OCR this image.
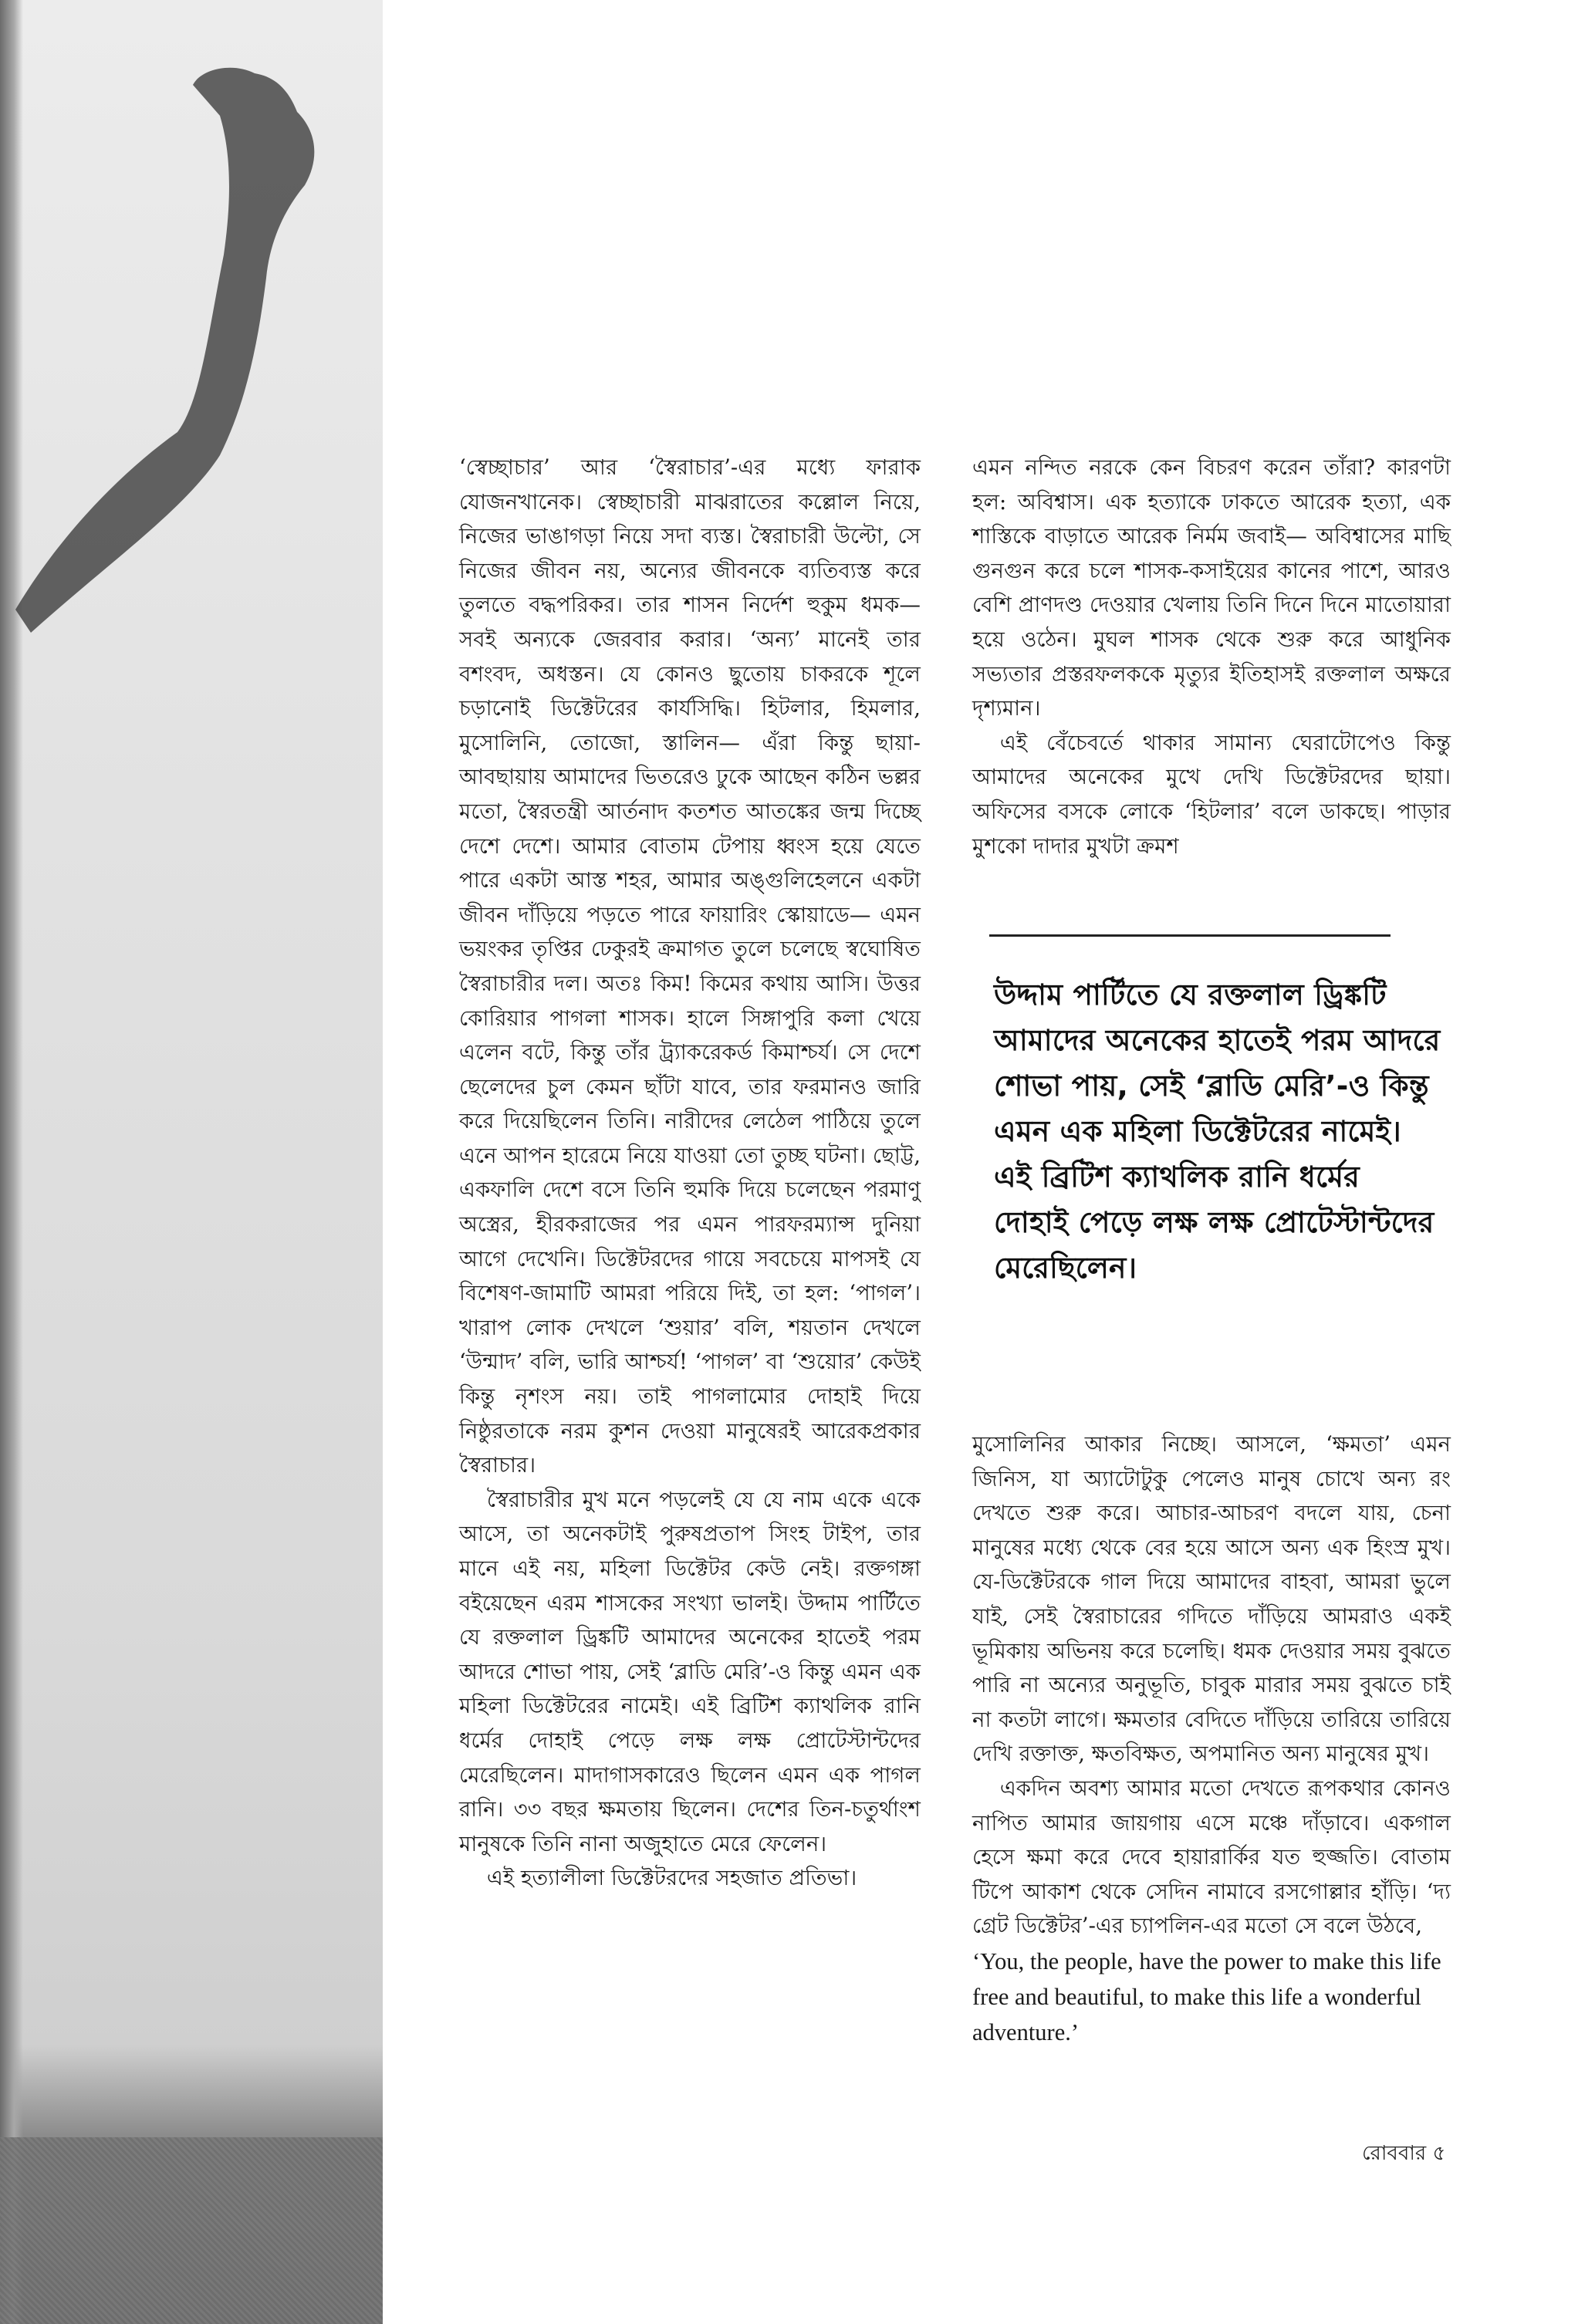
‘স্বেচ্ছাচার’ আর ‘স্বৈরাচার’-এর মধ্যে ফারাক যোজনখানেক। স্বেচ্ছাচারী মাঝরাতের কল্লোল নিয়ে, নিজের ভাঙাগড়া নিয়ে সদা ব্যস্ত। স্বৈরাচারী উল্টো, সে নিজের জীবন নয়, অন্যের জীবনকে ব্যতিব্যস্ত করে তুলতে বদ্ধপরিকর। তার শাসন নির্দেশ হুকুম ধমক— সবই অন্যকে জেরবার করার। ‘অন্য’ মানেই তার বশংবদ, অধস্তন। যে কোনও ছুতোয় চাকরকে শূলে চড়ানোই ডিক্টেটরের কার্যসিদ্ধি। হিটলার, হিমলার, মুসোলিনি, তোজো, স্তালিন— এঁরা কিন্তু ছায়া-আবছায়ায় আমাদের ভিতরেও ঢুকে আছেন কঠিন ভল্লর মতো, স্বৈরতন্ত্রী আর্তনাদ কতশত আতঙ্কের জন্ম দিচ্ছে দেশে দেশে। আমার বোতাম টেপায় ধ্বংস হয়ে যেতে পারে একটা আস্ত শহর, আমার অঙ্গুলিহেলনে একটা জীবন দাঁড়িয়ে পড়তে পারে ফায়ারিং স্কোয়াডে— এমন ভয়ংকর তৃপ্তির ঢেকুরই ক্রমাগত তুলে চলেছে স্বঘোষিত স্বৈরাচারীর দল। অতঃ কিম! কিমের কথায় আসি। উত্তর কোরিয়ার পাগলা শাসক। হালে সিঙ্গাপুরি কলা খেয়ে এলেন বটে, কিন্তু তাঁর ট্র্যাকরেকর্ড কিমাশ্চর্য। সে দেশে ছেলেদের চুল কেমন ছাঁটা যাবে, তার ফরমানও জারি করে দিয়েছিলেন তিনি। নারীদের লেঠেল পাঠিয়ে তুলে এনে আপন হারেমে নিয়ে যাওয়া তো তুচ্ছ ঘটনা। ছোট্ট, একফালি দেশে বসে তিনি হুমকি দিয়ে চলেছেন পরমাণু অস্ত্রের, হীরকরাজের পর এমন পারফরম্যান্স দুনিয়া আগে দেখেনি। ডিক্টেটরদের গায়ে সবচেয়ে মাপসই যে বিশেষণ-জামাটি আমরা পরিয়ে দিই, তা হল: ‘পাগল’। খারাপ লোক দেখলে ‘শুয়ার’ বলি, শয়তান দেখলে ‘উন্মাদ’ বলি, ভারি আশ্চর্য! ‘পাগল’ বা ‘শুয়োর’ কেউই কিন্তু নৃশংস নয়। তাই পাগলামোর দোহাই দিয়ে নিষ্ঠুরতাকে নরম কুশন দেওয়া মানুষেরই আরেকপ্রকার স্বৈরাচার।

স্বৈরাচারীর মুখ মনে পড়লেই যে যে নাম একে একে আসে, তা অনেকটাই পুরুষপ্রতাপ সিংহ টাইপ, তার মানে এই নয়, মহিলা ডিক্টেটর কেউ নেই। রক্তগঙ্গা বইয়েছেন এরম শাসকের সংখ্যা ভালই। উদ্দাম পার্টিতে যে রক্তলাল ড্রিঙ্কটি আমাদের অনেকের হাতেই পরম আদরে শোভা পায়, সেই ‘ব্লাডি মেরি’-ও কিন্তু এমন এক মহিলা ডিক্টেটরের নামেই। এই ব্রিটিশ ক্যাথলিক রানি ধর্মের দোহাই পেড়ে লক্ষ লক্ষ প্রোটেস্টান্টদের মেরেছিলেন। মাদাগাসকারেও ছিলেন এমন এক পাগল রানি। ৩৩ বছর ক্ষমতায় ছিলেন। দেশের তিন-চতুর্থাংশ মানুষকে তিনি নানা অজুহাতে মেরে ফেলেন।

এই হত্যালীলা ডিক্টেটরদের সহজাত প্রতিভা।

এমন নন্দিত নরকে কেন বিচরণ করেন তাঁরা? কারণটা হল: অবিশ্বাস। এক হত্যাকে ঢাকতে আরেক হত্যা, এক শাস্তিকে বাড়াতে আরেক নির্মম জবাই— অবিশ্বাসের মাছি গুনগুন করে চলে শাসক-কসাইয়ের কানের পাশে, আরও বেশি প্রাণদণ্ড দেওয়ার খেলায় তিনি দিনে দিনে মাতোয়ারা হয়ে ওঠেন। মুঘল শাসক থেকে শুরু করে আধুনিক সভ্যতার প্রস্তরফলককে মৃত্যুর ইতিহাসই রক্তলাল অক্ষরে দৃশ্যমান।

এই বেঁচেবর্তে থাকার সামান্য ঘেরাটোপেও কিন্তু আমাদের অনেকের মুখে দেখি ডিক্টেটরদের ছায়া। অফিসের বসকে লোকে ‘হিটলার’ বলে ডাকছে। পাড়ার মুশকো দাদার মুখটা ক্রমশ

উদ্দাম পার্টিতে যে রক্তলাল ড্রিঙ্কটি আমাদের অনেকের হাতেই পরম আদরে শোভা পায়, সেই ‘ব্লাডি মেরি’-ও কিন্তু এমন এক মহিলা ডিক্টেটরের নামেই। এই ব্রিটিশ ক্যাথলিক রানি ধর্মের দোহাই পেড়ে লক্ষ লক্ষ প্রোটেস্টান্টদের মেরেছিলেন।

মুসোলিনির আকার নিচ্ছে। আসলে, ‘ক্ষমতা’ এমন জিনিস, যা অ্যাটোটুকু পেলেও মানুষ চোখে অন্য রং দেখতে শুরু করে। আচার-আচরণ বদলে যায়, চেনা মানুষের মধ্যে থেকে বের হয়ে আসে অন্য এক হিংস্র মুখ। যে-ডিক্টেটরকে গাল দিয়ে আমাদের বাহবা, আমরা ভুলে যাই, সেই স্বৈরাচারের গদিতে দাঁড়িয়ে আমরাও একই ভূমিকায় অভিনয় করে চলেছি। ধমক দেওয়ার সময় বুঝতে পারি না অন্যের অনুভূতি, চাবুক মারার সময় বুঝতে চাই না কতটা লাগে। ক্ষমতার বেদিতে দাঁড়িয়ে তারিয়ে তারিয়ে দেখি রক্তাক্ত, ক্ষতবিক্ষত, অপমানিত অন্য মানুষের মুখ।

একদিন অবশ্য আমার মতো দেখতে রূপকথার কোনও নাপিত আমার জায়গায় এসে মঞ্চে দাঁড়াবে। একগাল হেসে ক্ষমা করে দেবে হায়ারার্কির যত হুজ্জতি। বোতাম টিপে আকাশ থেকে সেদিন নামাবে রসগোল্লার হাঁড়ি। ‘দ্য গ্রেট ডিক্টেটর’-এর চ্যাপলিন-এর মতো সে বলে উঠবে,

‘You, the people, have the power to make this life free and beautiful, to make this life a wonderful adventure.’

রোববার ৫
